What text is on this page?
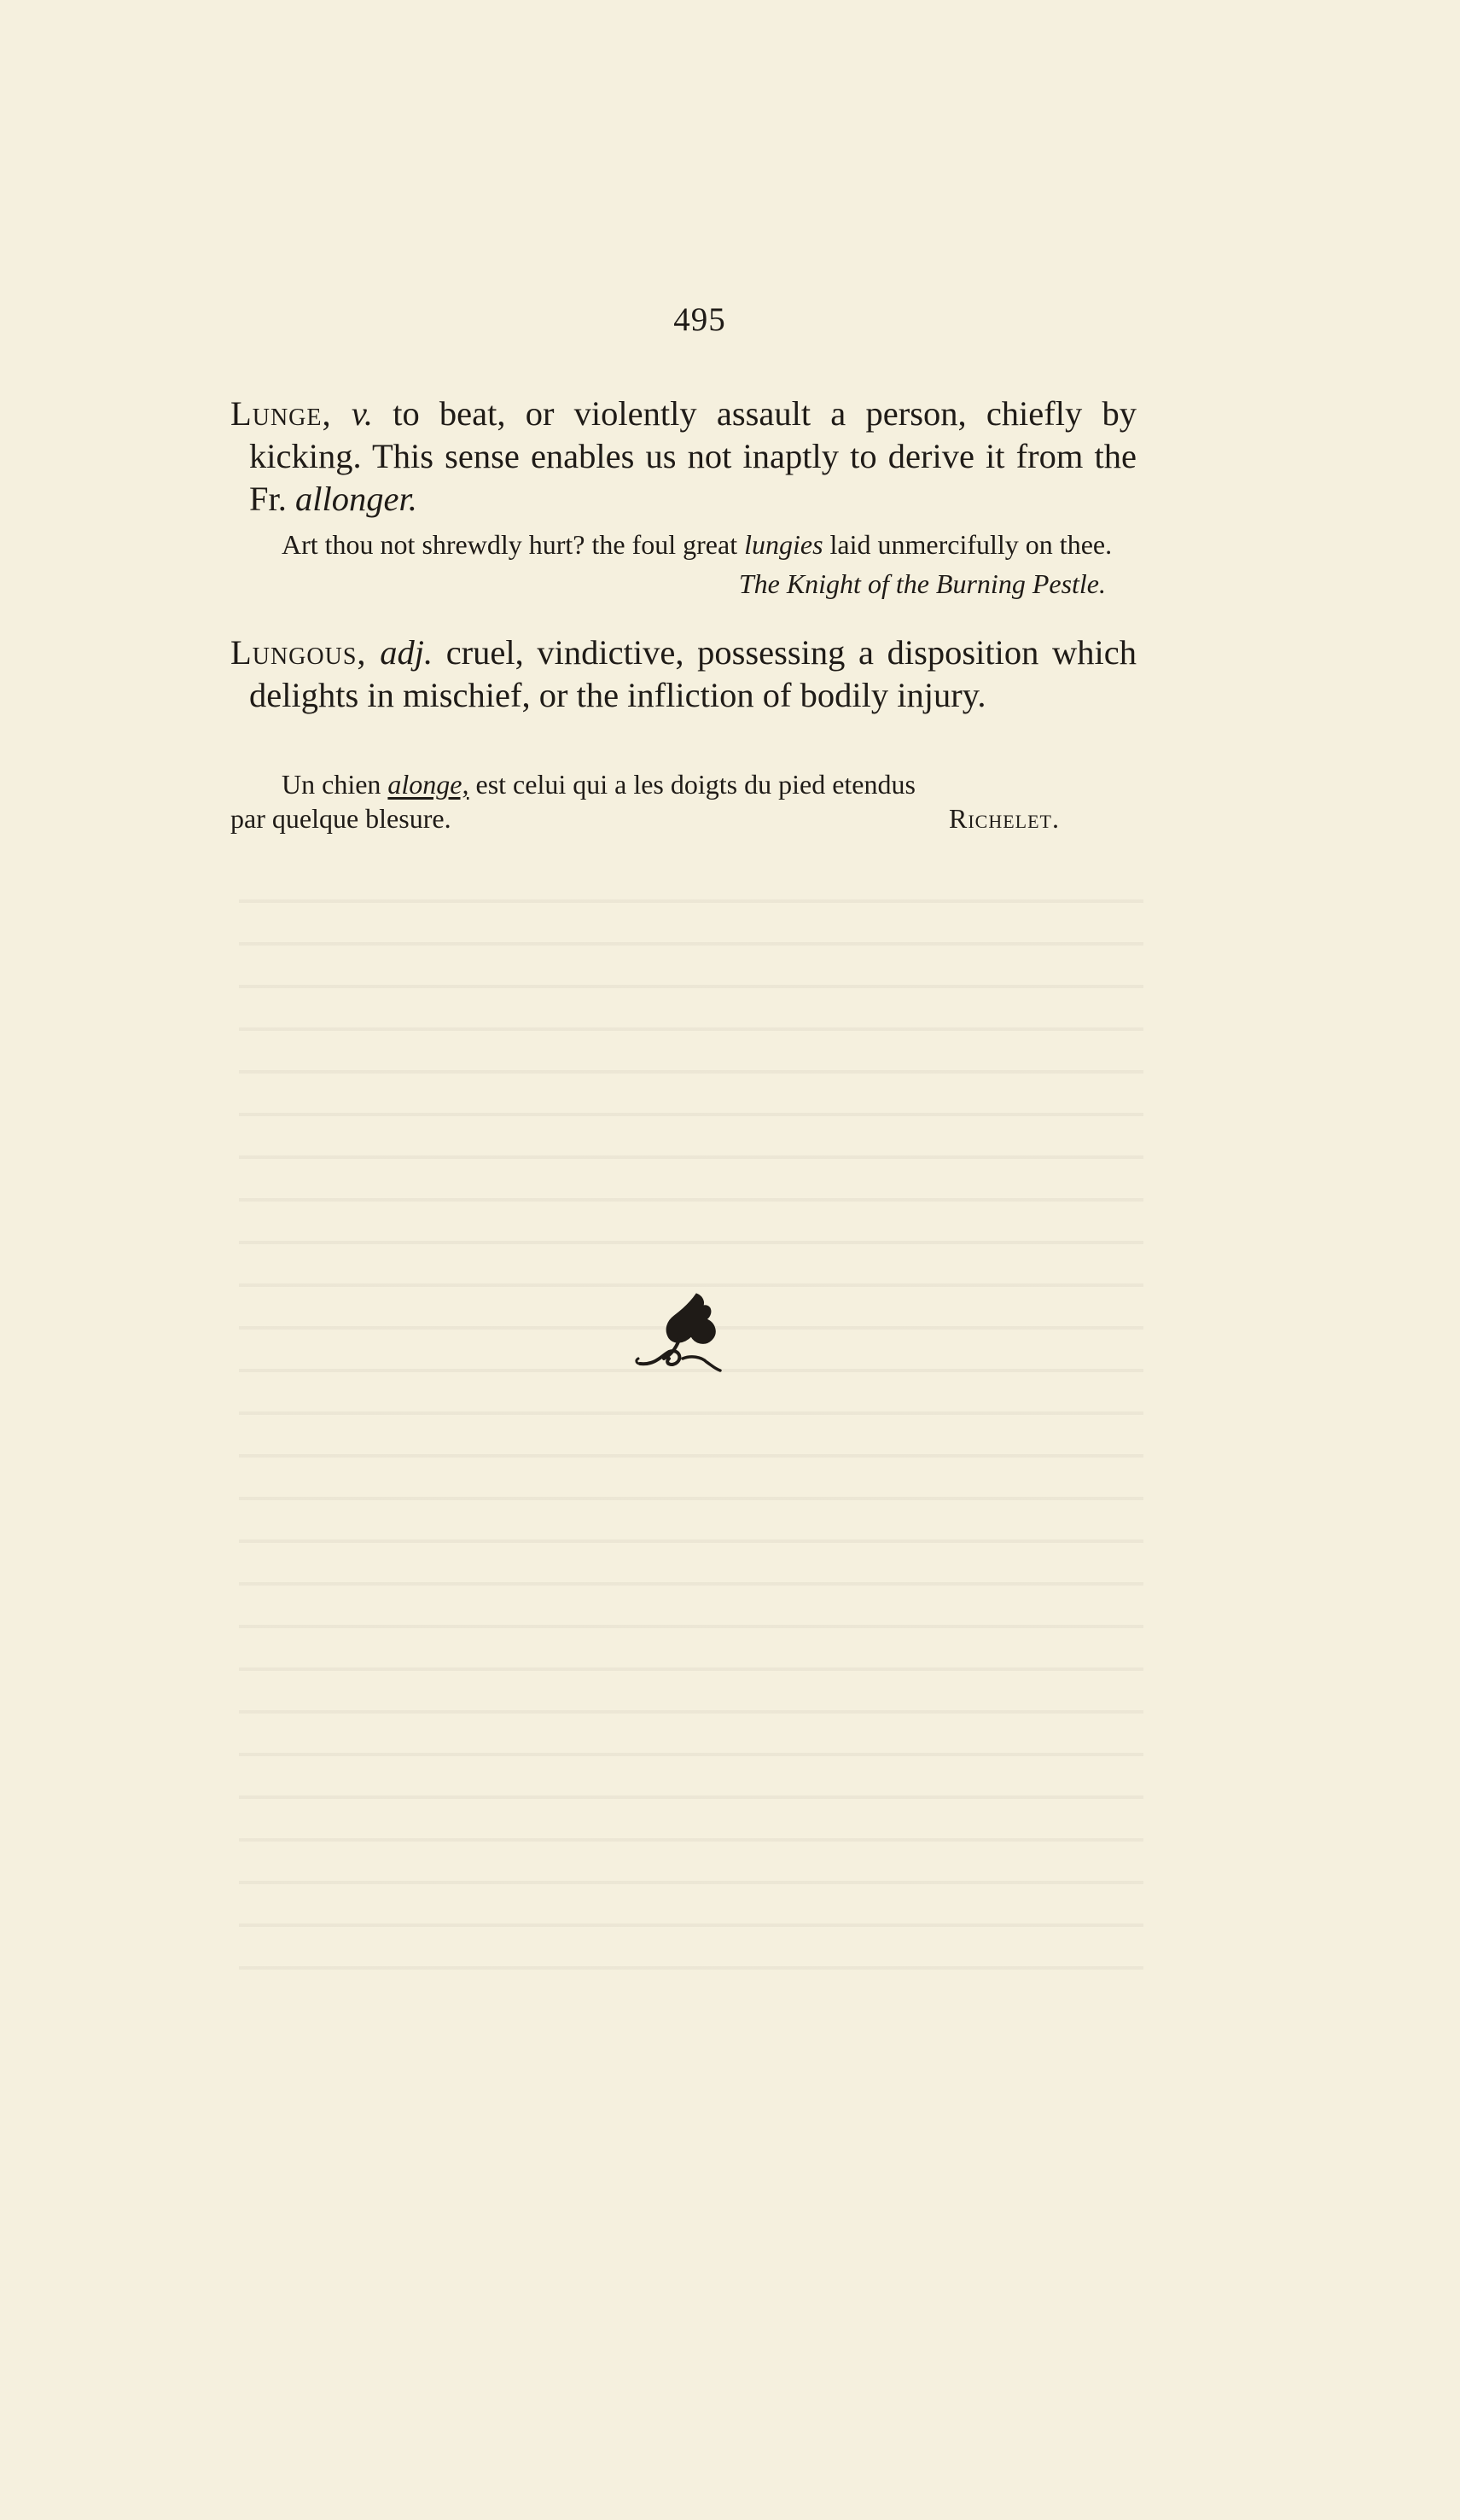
495
Lunge, v. to beat, or violently assault a person, chiefly by kicking. This sense enables us not inaptly to derive it from the Fr. allonger.

Art thou not shrewdly hurt? the foul great lungies laid unmercifully on thee.

The Knight of the Burning Pestle.
Lungous, adj. cruel, vindictive, possessing a disposition which delights in mischief, or the infliction of bodily injury.

Un chien alonge, est celui qui a les doigts du pied etendus

par quelque blesure.	Richelet.
